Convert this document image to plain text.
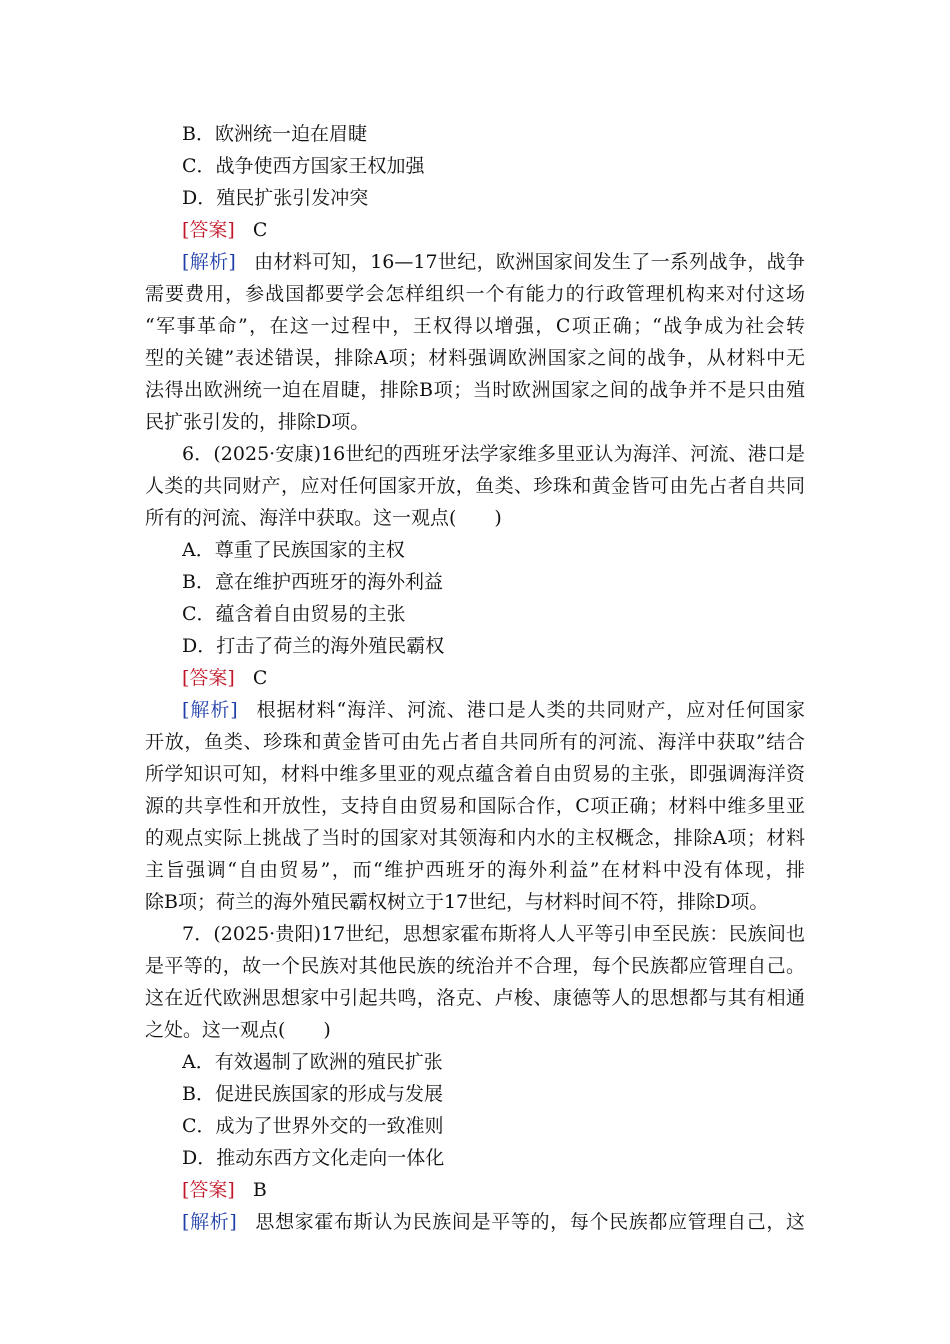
B．欧洲统一迫在眉睫
C．战争使西方国家王权加强
D．殖民扩张引发冲突
[答案] C
[解析] 由材料可知，16—17世纪，欧洲国家间发生了一系列战争，战争
需要费用，参战国都要学会怎样组织一个有能力的行政管理机构来对付这场
“军事革命”，在这一过程中，王权得以增强，C项正确；“战争成为社会转
型的关键”表述错误，排除A项；材料强调欧洲国家之间的战争，从材料中无
法得出欧洲统一迫在眉睫，排除B项；当时欧洲国家之间的战争并不是只由殖
民扩张引发的，排除D项。
6．(2025·安康)16世纪的西班牙法学家维多里亚认为海洋、河流、港口是
人类的共同财产，应对任何国家开放，鱼类、珍珠和黄金皆可由先占者自共同
所有的河流、海洋中获取。这一观点(　　)
A．尊重了民族国家的主权
B．意在维护西班牙的海外利益
C．蕴含着自由贸易的主张
D．打击了荷兰的海外殖民霸权
[答案] C
[解析] 根据材料“海洋、河流、港口是人类的共同财产，应对任何国家
开放，鱼类、珍珠和黄金皆可由先占者自共同所有的河流、海洋中获取”结合
所学知识可知，材料中维多里亚的观点蕴含着自由贸易的主张，即强调海洋资
源的共享性和开放性，支持自由贸易和国际合作，C项正确；材料中维多里亚
的观点实际上挑战了当时的国家对其领海和内水的主权概念，排除A项；材料
主旨强调“自由贸易”，而“维护西班牙的海外利益”在材料中没有体现，排
除B项；荷兰的海外殖民霸权树立于17世纪，与材料时间不符，排除D项。
7．(2025·贵阳)17世纪，思想家霍布斯将人人平等引申至民族：民族间也
是平等的，故一个民族对其他民族的统治并不合理，每个民族都应管理自己。
这在近代欧洲思想家中引起共鸣，洛克、卢梭、康德等人的思想都与其有相通
之处。这一观点(　　)
A．有效遏制了欧洲的殖民扩张
B．促进民族国家的形成与发展
C．成为了世界外交的一致准则
D．推动东西方文化走向一体化
[答案] B
[解析] 思想家霍布斯认为民族间是平等的，每个民族都应管理自己，这
